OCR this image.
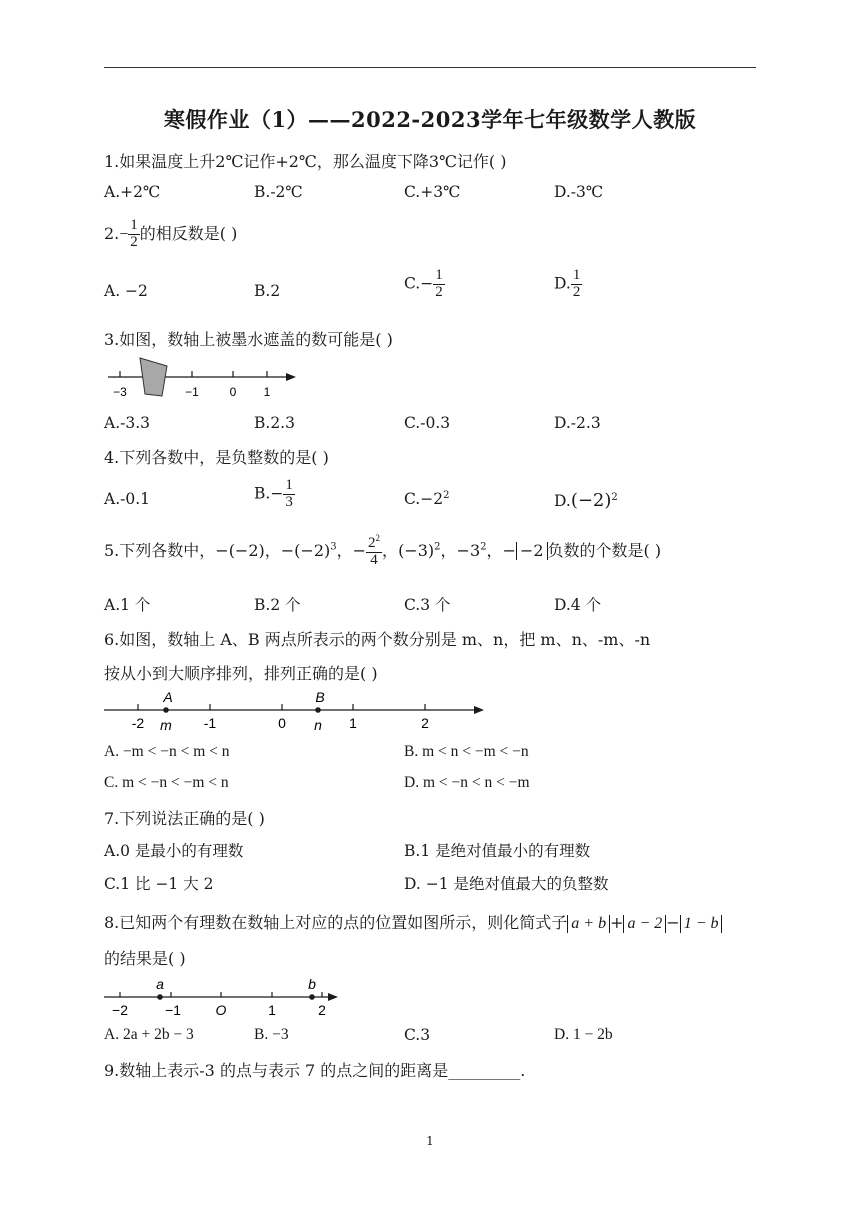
寒假作业（1）——2022-2023学年七年级数学人教版
1.如果温度上升2℃记作+2℃，那么温度下降3℃记作( )
A.+2℃	B.-2℃	C.+3℃	D.-3℃
$2.- \frac{1}{2}$ 的相反数是( )
A. −2	B.2	$C.- \frac{1}{2}$	D. $\frac{1}{2}$
3.如图，数轴上被墨水遮盖的数可能是( )
−3	−1	0 1
A.-3.3	B.2.3	C.-0.3	D.-2.3
4.下列各数中，是负整数的是( )
A.-0.1	$B.- \frac{1}{3}$	$C.-2^2$	$D.(-2)^2$
5.下列各数中，−(−2)，$-(-2)^3$，− $\frac{2^2}{4}$ ，$(-3)^2$，$-3^2$，− −2 负数的个数是( )
A.1 个	B.2 个	C.3 个	D.4 个
6.如图，数轴上 A、B 两点所表示的两个数分别是 m、n，把 m、n、-m、-n
按从小到大顺序排列，排列正确的是( )
A	B
-2	-1	0	1	2
m	n
A. −m < −n < m < n	B. m < n < −m < −n
C. m < −n < −m < n	D. m < −n < n < −m
7.下列说法正确的是( )
A.0 是最小的有理数	B.1 是绝对值最小的有理数
C.1 比 −1 大 2	D. −1 是绝对值最大的负整数
8.已知两个有理数在数轴上对应的点的位置如图所示，则化简式子 a + b + a − 2 − 1 − b
的结果是( )
a	b
−2	−1 O	1	2
A. 2a + 2b − 3	B. −3	C.3	D. 1 − 2b
9.数轴上表示-3 的点与表示 7 的点之间的距离是_________.
1
